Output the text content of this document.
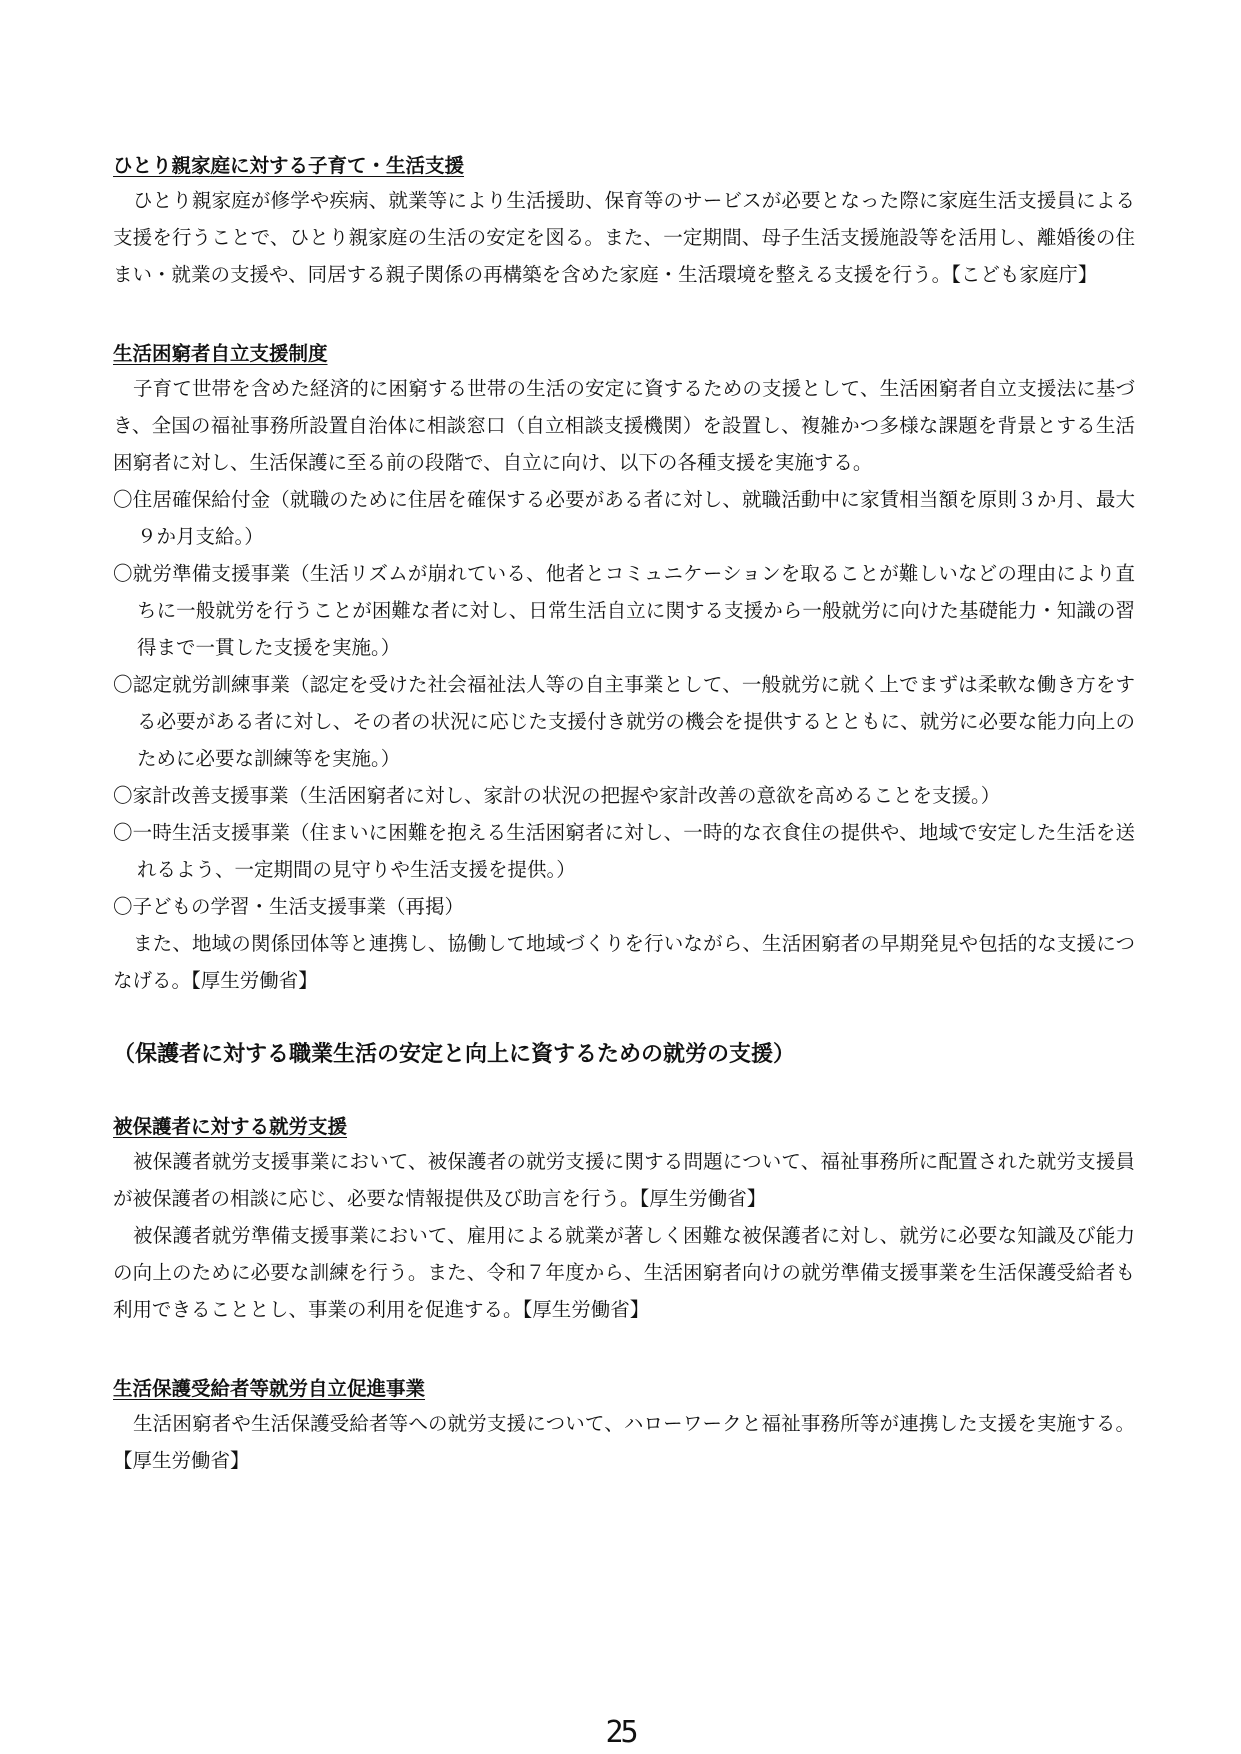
ひとり親家庭に対する子育て・生活支援

ひとり親家庭が修学や疾病、就業等により生活援助、保育等のサービスが必要となった際に家庭生活支援員による支援を行うことで、ひとり親家庭の生活の安定を図る。また、一定期間、母子生活支援施設等を活用し、離婚後の住まい・就業の支援や、同居する親子関係の再構築を含めた家庭・生活環境を整える支援を行う。【こども家庭庁】

生活困窮者自立支援制度

子育て世帯を含めた経済的に困窮する世帯の生活の安定に資するための支援として、生活困窮者自立支援法に基づき、全国の福祉事務所設置自治体に相談窓口（自立相談支援機関）を設置し、複雑かつ多様な課題を背景とする生活困窮者に対し、生活保護に至る前の段階で、自立に向け、以下の各種支援を実施する。

〇住居確保給付金（就職のために住居を確保する必要がある者に対し、就職活動中に家賃相当額を原則３か月、最大９か月支給。）

〇就労準備支援事業（生活リズムが崩れている、他者とコミュニケーションを取ることが難しいなどの理由により直ちに一般就労を行うことが困難な者に対し、日常生活自立に関する支援から一般就労に向けた基礎能力・知識の習得まで一貫した支援を実施。）

〇認定就労訓練事業（認定を受けた社会福祉法人等の自主事業として、一般就労に就く上でまずは柔軟な働き方をする必要がある者に対し、その者の状況に応じた支援付き就労の機会を提供するとともに、就労に必要な能力向上のために必要な訓練等を実施。）

〇家計改善支援事業（生活困窮者に対し、家計の状況の把握や家計改善の意欲を高めることを支援。）

〇一時生活支援事業（住まいに困難を抱える生活困窮者に対し、一時的な衣食住の提供や、地域で安定した生活を送れるよう、一定期間の見守りや生活支援を提供。）

〇子どもの学習・生活支援事業（再掲）

また、地域の関係団体等と連携し、協働して地域づくりを行いながら、生活困窮者の早期発見や包括的な支援につなげる。【厚生労働省】

（保護者に対する職業生活の安定と向上に資するための就労の支援）

被保護者に対する就労支援

被保護者就労支援事業において、被保護者の就労支援に関する問題について、福祉事務所に配置された就労支援員が被保護者の相談に応じ、必要な情報提供及び助言を行う。【厚生労働省】

被保護者就労準備支援事業において、雇用による就業が著しく困難な被保護者に対し、就労に必要な知識及び能力の向上のために必要な訓練を行う。また、令和７年度から、生活困窮者向けの就労準備支援事業を生活保護受給者も利用できることとし、事業の利用を促進する。【厚生労働省】

生活保護受給者等就労自立促進事業

生活困窮者や生活保護受給者等への就労支援について、ハローワークと福祉事務所等が連携した支援を実施する。【厚生労働省】

25
